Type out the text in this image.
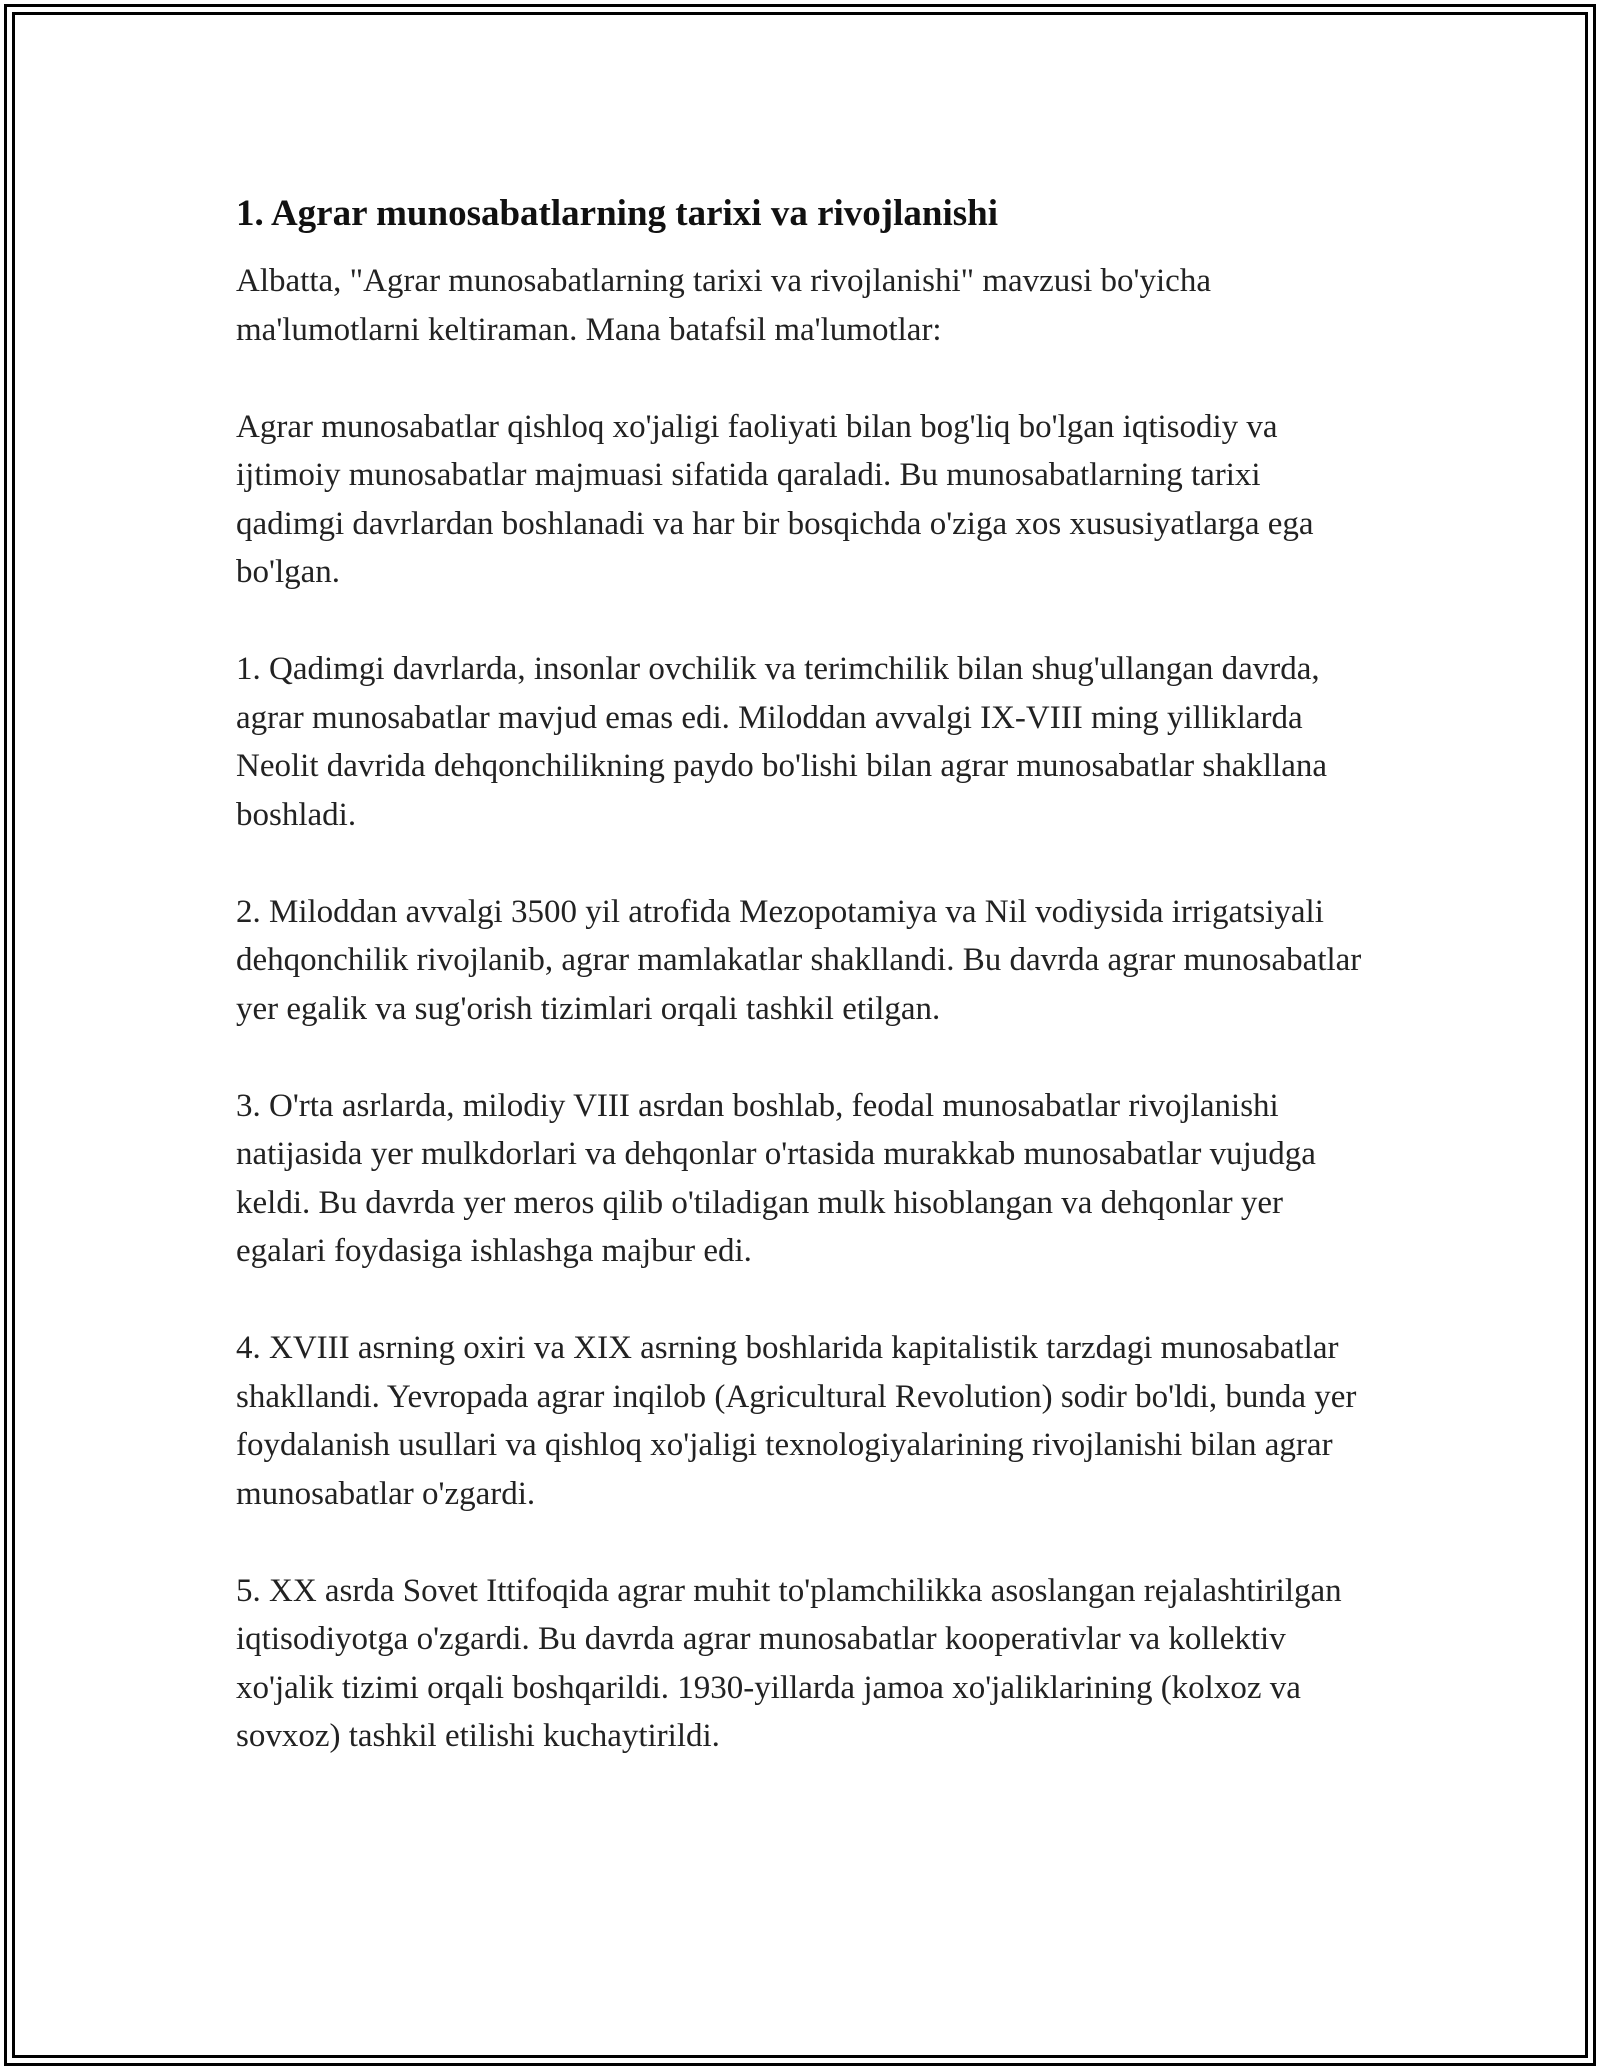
1. Agrar munosabatlarning tarixi va rivojlanishi

Albatta, "Agrar munosabatlarning tarixi va rivojlanishi" mavzusi bo'yicha ma'lumotlarni keltiraman. Mana batafsil ma'lumotlar:

Agrar munosabatlar qishloq xo'jaligi faoliyati bilan bog'liq bo'lgan iqtisodiy va ijtimoiy munosabatlar majmuasi sifatida qaraladi. Bu munosabatlarning tarixi qadimgi davrlardan boshlanadi va har bir bosqichda o'ziga xos xususiyatlarga ega bo'lgan.

1. Qadimgi davrlarda, insonlar ovchilik va terimchilik bilan shug'ullangan davrda, agrar munosabatlar mavjud emas edi. Miloddan avvalgi IX-VIII ming yilliklarda Neolit davrida dehqonchilikning paydo bo'lishi bilan agrar munosabatlar shakllana boshladi.

2. Miloddan avvalgi 3500 yil atrofida Mezopotamiya va Nil vodiysida irrigatsiyali dehqonchilik rivojlanib, agrar mamlakatlar shakllandi. Bu davrda agrar munosabatlar yer egalik va sug'orish tizimlari orqali tashkil etilgan.

3. O'rta asrlarda, milodiy VIII asrdan boshlab, feodal munosabatlar rivojlanishi natijasida yer mulkdorlari va dehqonlar o'rtasida murakkab munosabatlar vujudga keldi. Bu davrda yer meros qilib o'tiladigan mulk hisoblangan va dehqonlar yer egalari foydasiga ishlashga majbur edi.

4. XVIII asrning oxiri va XIX asrning boshlarida kapitalistik tarzdagi munosabatlar shakllandi. Yevropada agrar inqilob (Agricultural Revolution) sodir bo'ldi, bunda yer foydalanish usullari va qishloq xo'jaligi texnologiyalarining rivojlanishi bilan agrar munosabatlar o'zgardi.

5. XX asrda Sovet Ittifoqida agrar muhit to'plamchilikka asoslangan rejalashtirilgan iqtisodiyotga o'zgardi. Bu davrda agrar munosabatlar kooperativlar va kollektiv xo'jalik tizimi orqali boshqarildi. 1930-yillarda jamoa xo'jaliklarining (kolxoz va sovxoz) tashkil etilishi kuchaytirildi.
